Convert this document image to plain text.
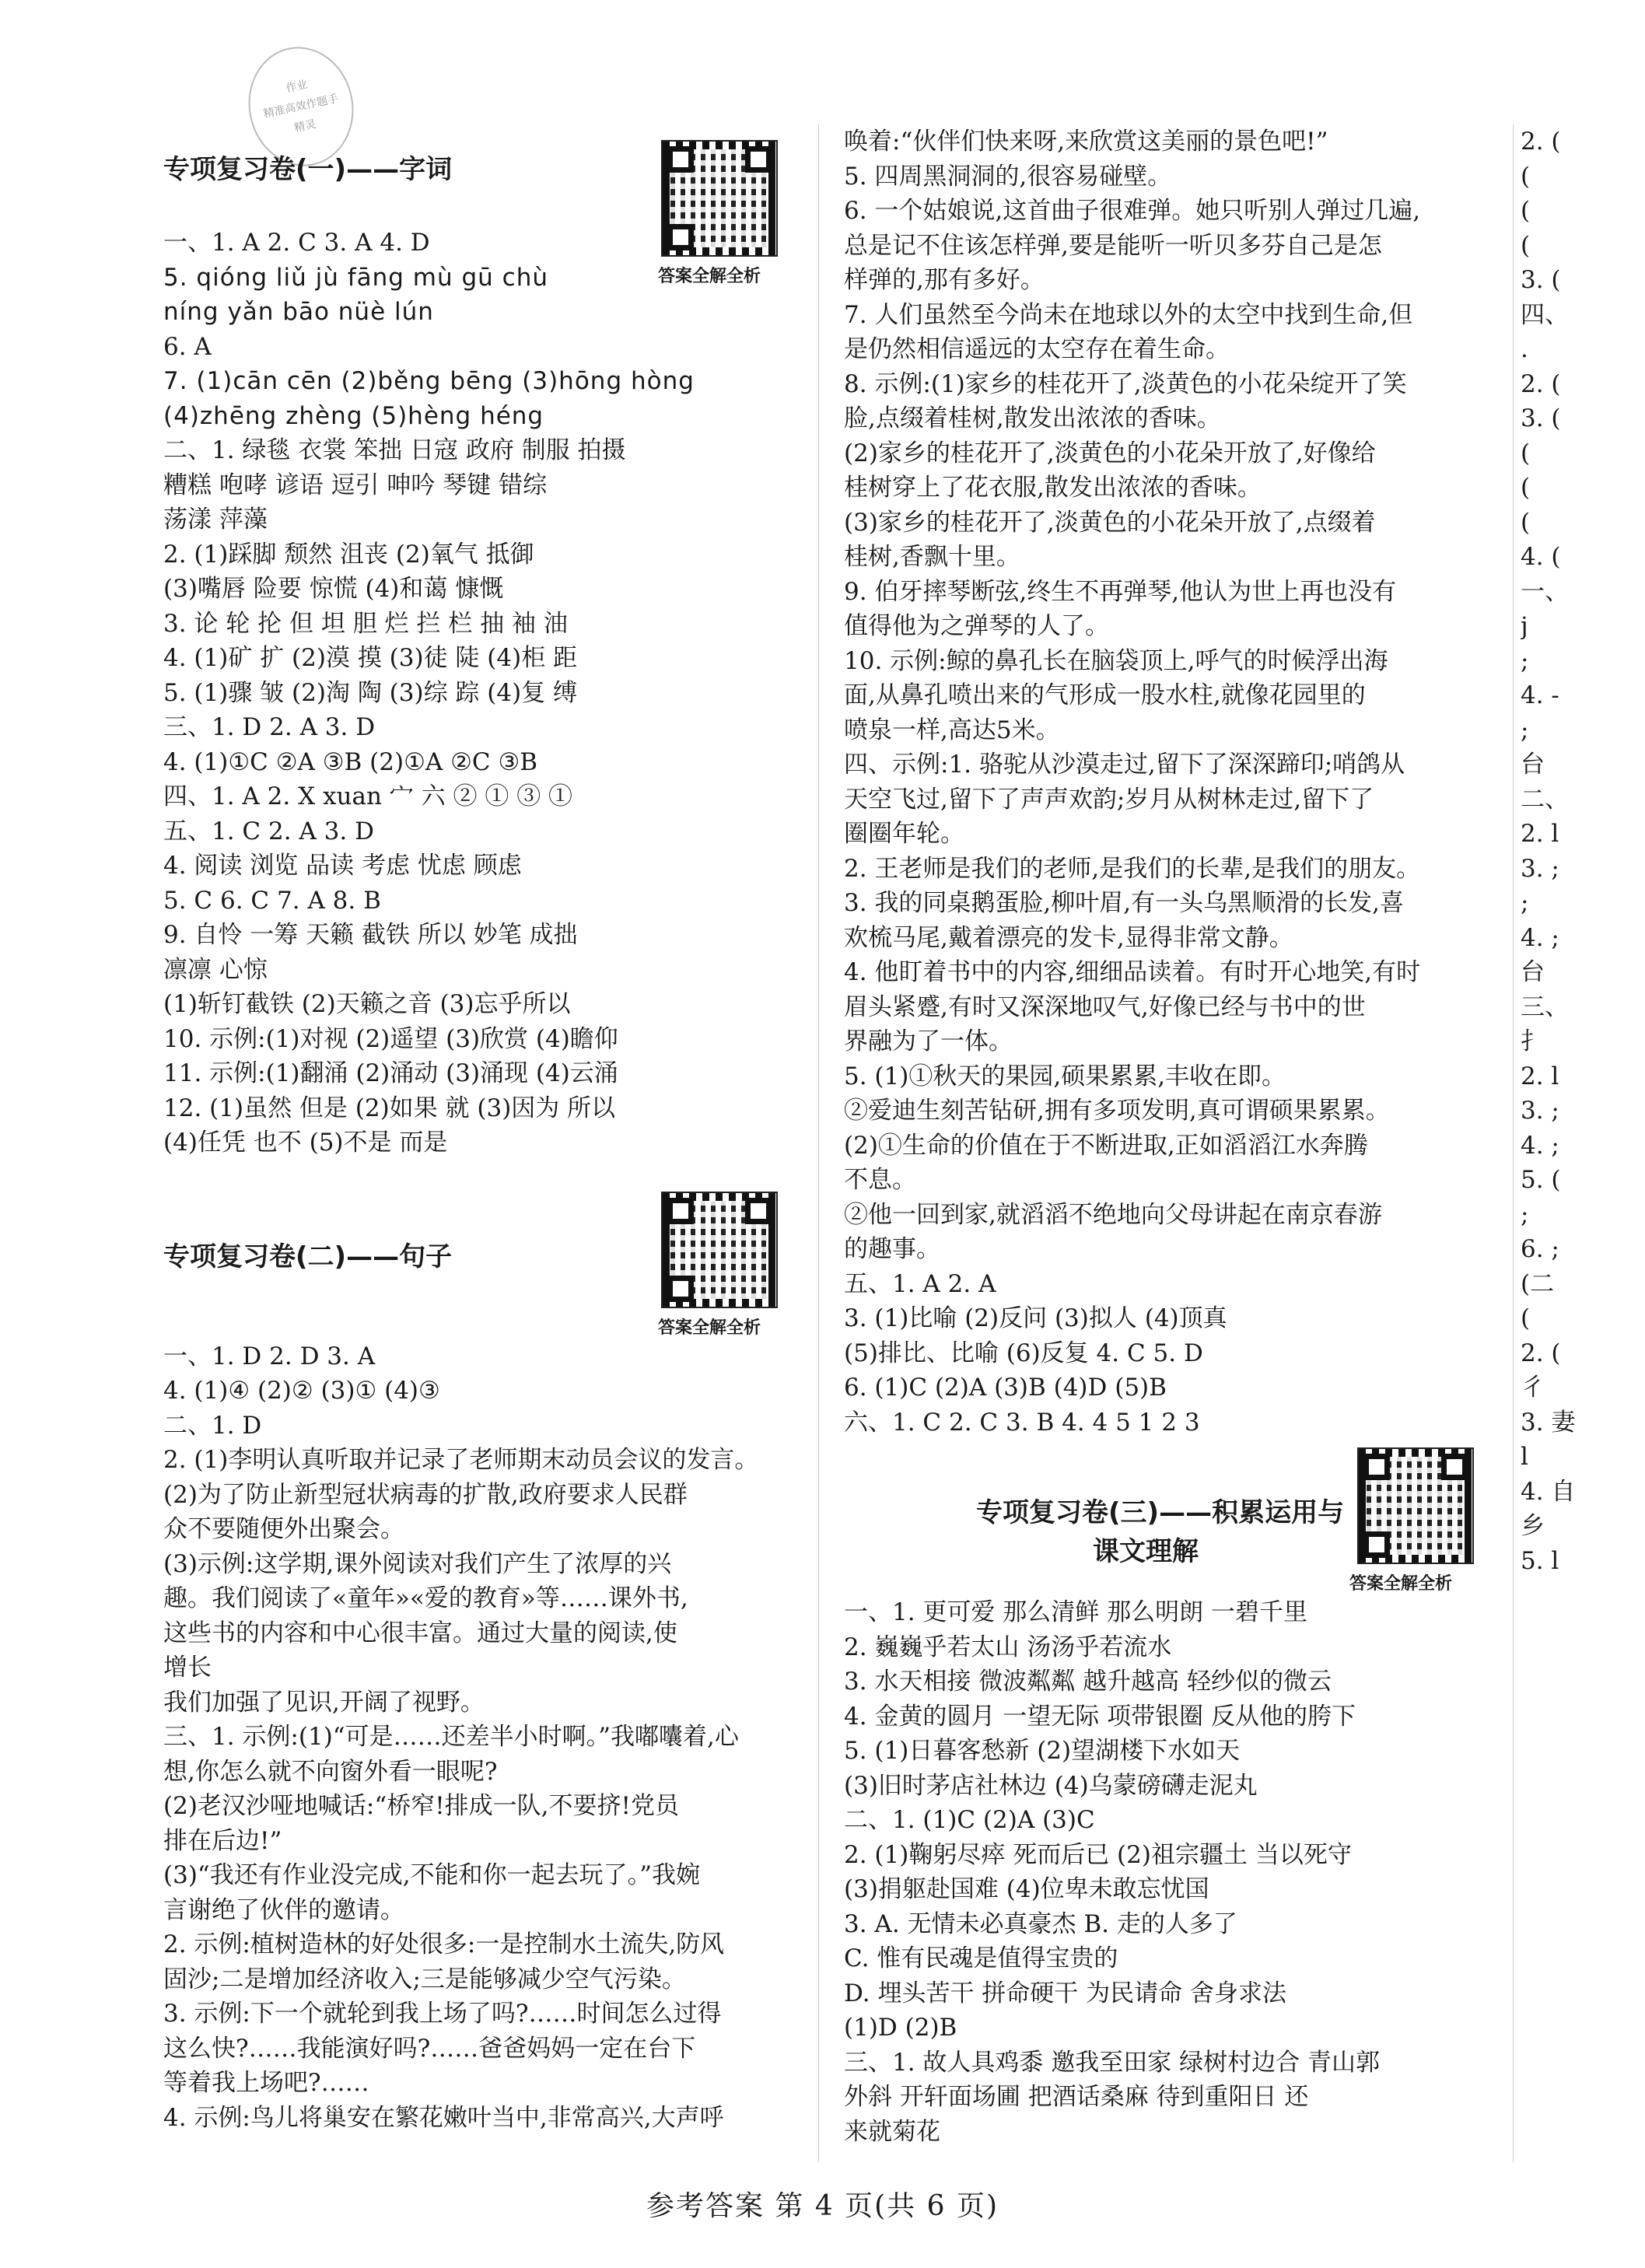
作业
精准高效作题手
精灵
专项复习卷(一)——字词
答案全解全析
一、1. A 2. C 3. A 4. D
5. qióng liǔ jù fāng mù gū chù
níng yǎn bāo nüè lún
6. A
7. (1)cān cēn (2)běng bēng (3)hōng hòng
(4)zhēng zhèng (5)hèng héng
二、1. 绿毯 衣裳 笨拙 日寇 政府 制服 拍摄
糟糕 咆哮 谚语 逗引 呻吟 琴键 错综
荡漾 萍藻
2. (1)踩脚 颓然 沮丧 (2)氧气 抵御
(3)嘴唇 险要 惊慌 (4)和蔼 慷慨
3. 论 轮 抡 但 坦 胆 烂 拦 栏 抽 袖 油
4. (1)矿 扩 (2)漠 摸 (3)徒 陡 (4)柜 距
5. (1)骤 皱 (2)淘 陶 (3)综 踪 (4)复 缚
三、1. D 2. A 3. D
4. (1)①C ②A ③B (2)①A ②C ③B
四、1. A 2. X xuan 宀 六 ② ① ③ ①
五、1. C 2. A 3. D
4. 阅读 浏览 品读 考虑 忧虑 顾虑
5. C 6. C 7. A 8. B
9. 自怜 一筹 天籁 截铁 所以 妙笔 成拙
凛凛 心惊
(1)斩钉截铁 (2)天籁之音 (3)忘乎所以
10. 示例:(1)对视 (2)遥望 (3)欣赏 (4)瞻仰
11. 示例:(1)翻涌 (2)涌动 (3)涌现 (4)云涌
12. (1)虽然 但是 (2)如果 就 (3)因为 所以
(4)任凭 也不 (5)不是 而是
专项复习卷(二)——句子
答案全解全析
一、1. D 2. D 3. A
4. (1)④ (2)② (3)① (4)③
二、1. D
2. (1)李明认真听取并记录了老师期末动员会议的发言。
(2)为了防止新型冠状病毒的扩散,政府要求人民群
众不要随便外出聚会。
(3)示例:这学期,课外阅读对我们产生了浓厚的兴
趣。我们阅读了«童年»«爱的教育»等……课外书,
这些书的内容和中心很丰富。通过大量的阅读,使
增长
我们加强了见识,开阔了视野。
三、1. 示例:(1)“可是……还差半小时啊。”我嘟囔着,心
想,你怎么就不向窗外看一眼呢?
(2)老汉沙哑地喊话:“桥窄!排成一队,不要挤!党员
排在后边!”
(3)“我还有作业没完成,不能和你一起去玩了。”我婉
言谢绝了伙伴的邀请。
2. 示例:植树造林的好处很多:一是控制水土流失,防风
固沙;二是增加经济收入;三是能够减少空气污染。
3. 示例:下一个就轮到我上场了吗?……时间怎么过得
这么快?……我能演好吗?……爸爸妈妈一定在台下
等着我上场吧?……
4. 示例:鸟儿将巢安在繁花嫩叶当中,非常高兴,大声呼
唤着:“伙伴们快来呀,来欣赏这美丽的景色吧!”
5. 四周黑洞洞的,很容易碰壁。
6. 一个姑娘说,这首曲子很难弹。她只听别人弹过几遍,
总是记不住该怎样弹,要是能听一听贝多芬自己是怎
样弹的,那有多好。
7. 人们虽然至今尚未在地球以外的太空中找到生命,但
是仍然相信遥远的太空存在着生命。
8. 示例:(1)家乡的桂花开了,淡黄色的小花朵绽开了笑
脸,点缀着桂树,散发出浓浓的香味。
(2)家乡的桂花开了,淡黄色的小花朵开放了,好像给
桂树穿上了花衣服,散发出浓浓的香味。
(3)家乡的桂花开了,淡黄色的小花朵开放了,点缀着
桂树,香飘十里。
9. 伯牙摔琴断弦,终生不再弹琴,他认为世上再也没有
值得他为之弹琴的人了。
10. 示例:鲸的鼻孔长在脑袋顶上,呼气的时候浮出海
面,从鼻孔喷出来的气形成一股水柱,就像花园里的
喷泉一样,高达5米。
四、示例:1. 骆驼从沙漠走过,留下了深深蹄印;哨鸽从
天空飞过,留下了声声欢韵;岁月从树林走过,留下了
圈圈年轮。
2. 王老师是我们的老师,是我们的长辈,是我们的朋友。
3. 我的同桌鹅蛋脸,柳叶眉,有一头乌黑顺滑的长发,喜
欢梳马尾,戴着漂亮的发卡,显得非常文静。
4. 他盯着书中的内容,细细品读着。有时开心地笑,有时
眉头紧蹙,有时又深深地叹气,好像已经与书中的世
界融为了一体。
5. (1)①秋天的果园,硕果累累,丰收在即。
②爱迪生刻苦钻研,拥有多项发明,真可谓硕果累累。
(2)①生命的价值在于不断进取,正如滔滔江水奔腾
不息。
②他一回到家,就滔滔不绝地向父母讲起在南京春游
的趣事。
五、1. A 2. A
3. (1)比喻 (2)反问 (3)拟人 (4)顶真
(5)排比、比喻 (6)反复 4. C 5. D
6. (1)C (2)A (3)B (4)D (5)B
六、1. C 2. C 3. B 4. 4 5 1 2 3
专项复习卷(三)——积累运用与
课文理解
答案全解全析
一、1. 更可爱 那么清鲜 那么明朗 一碧千里
2. 巍巍乎若太山 汤汤乎若流水
3. 水天相接 微波粼粼 越升越高 轻纱似的微云
4. 金黄的圆月 一望无际 项带银圈 反从他的胯下
5. (1)日暮客愁新 (2)望湖楼下水如天
(3)旧时茅店社林边 (4)乌蒙磅礴走泥丸
二、1. (1)C (2)A (3)C
2. (1)鞠躬尽瘁 死而后已 (2)祖宗疆土 当以死守
(3)捐躯赴国难 (4)位卑未敢忘忧国
3. A. 无情未必真豪杰 B. 走的人多了
C. 惟有民魂是值得宝贵的
D. 埋头苦干 拼命硬干 为民请命 舍身求法
(1)D (2)B
三、1. 故人具鸡黍 邀我至田家 绿树村边合 青山郭
外斜 开轩面场圃 把酒话桑麻 待到重阳日 还
来就菊花
2. (
(
(
(
3. (
四、
.
2. (
3. (
(
(
(
4. (
一、
j
;
4. -
;
台
二、
2. l
3. ;
;
4. ;
台
三、
扌
2. l
3. ;
4. ;
5. (
;
6. ;
(二
(
2. (
彳
3. 妻
l
4. 自
乡
5. l
参考答案 第 4 页(共 6 页)
